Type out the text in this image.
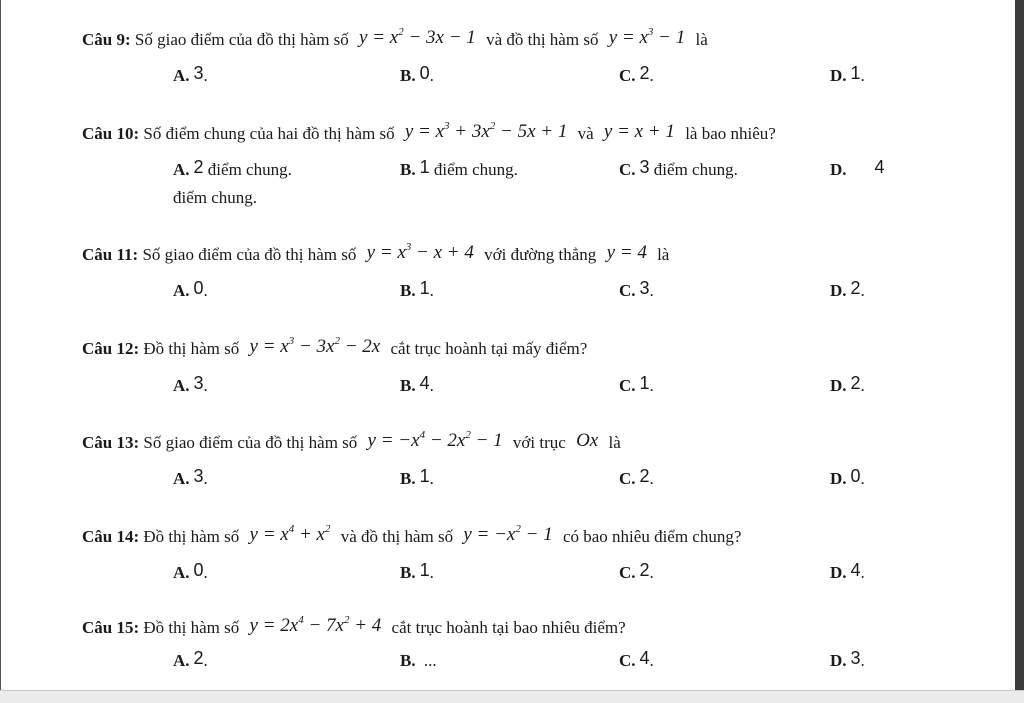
Câu 9: Số giao điểm của đồ thị hàm số $y = x^2 - 3x - 1$ và đồ thị hàm số $y = x^3 - 1$ là
A. 3.	B. 0.	C. 2.	D. 1.
Câu 10: Số điểm chung của hai đồ thị hàm số $y = x^3 + 3x^2 - 5x + 1$ và y = x + 1 là bao nhiêu?
A. 2 điểm chung.	B. 1 điểm chung.	C. 3 điểm chung.	D. 4
điểm chung.
Câu 11: Số giao điểm của đồ thị hàm số $y = x^3 - x + 4$ với đường thẳng y = 4 là
A. 0.	B. 1.	C. 3.	D. 2.
Câu 12: Đồ thị hàm số $y = x^3 - 3x^2 - 2x$ cắt trục hoành tại mấy điểm?
A. 3.	B. 4.	C. 1.	D. 2.
Câu 13: Số giao điểm của đồ thị hàm số $y = -x^4 - 2x^2 - 1$ với trục Ox là
A. 3.	B. 1.	C. 2.	D. 0.
Câu 14: Đồ thị hàm số $y = x^4 + x^2$ và đồ thị hàm số $y = -x^2 - 1$ có bao nhiêu điểm chung?
A. 0.	B. 1.	C. 2.	D. 4.
Câu 15: Đồ thị hàm số $y = 2x^4 - 7x^2 + 4$ cắt trục hoành tại bao nhiêu điểm?
A. 2.	B. ...	C. 4.	D. 3.
